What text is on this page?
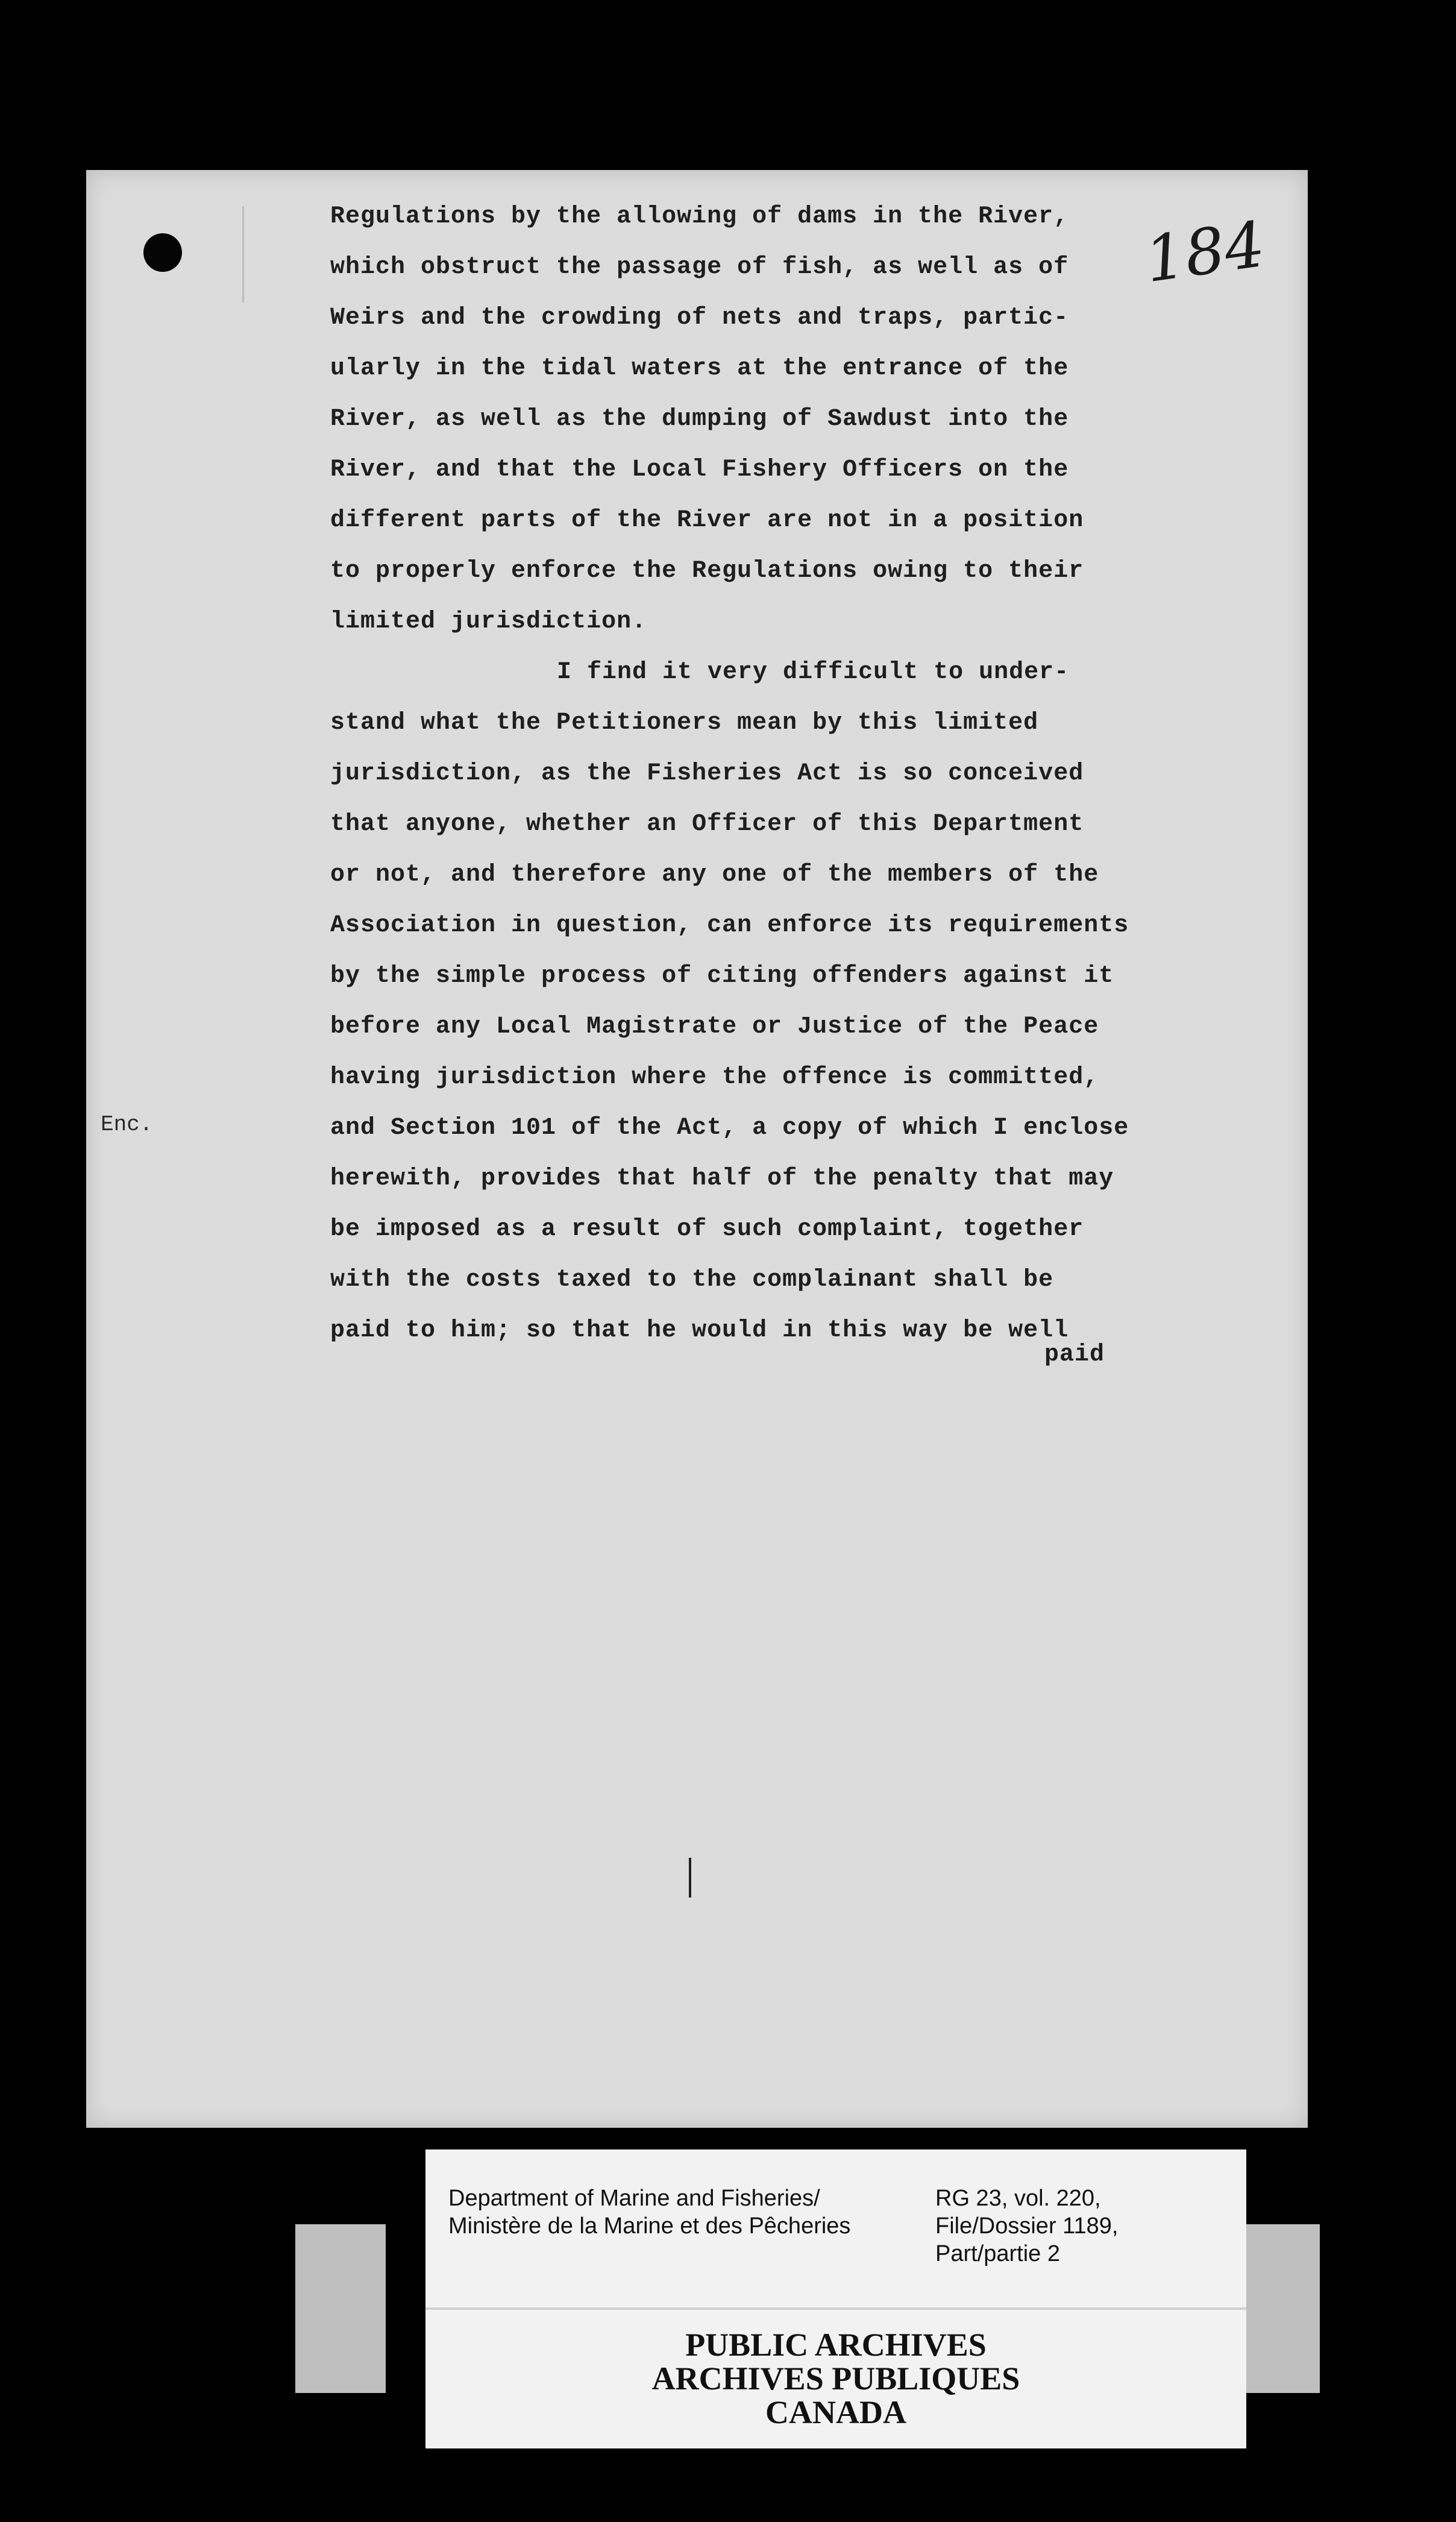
184
Regulations by the allowing of dams in the River,
which obstruct the passage of fish, as well as of
Weirs and the crowding of nets and traps, partic-
ularly in the tidal waters at the entrance of the
River, as well as the dumping of Sawdust into the
River, and that the Local Fishery Officers on the
different parts of the River are not in a position
to properly enforce the Regulations owing to their
limited jurisdiction.
I find it very difficult to under-
stand what the Petitioners mean by this limited
jurisdiction, as the Fisheries Act is so conceived
that anyone, whether an Officer of this Department
or not, and therefore any one of the members of the
Association in question, can enforce its requirements
by the simple process of citing offenders against it
before any Local Magistrate or Justice of the Peace
having jurisdiction where the offence is committed,
and Section 101 of the Act, a copy of which I enclose
herewith, provides that half of the penalty that may
be imposed as a result of such complaint, together
with the costs taxed to the complainant shall be
paid to him; so that he would in this way be well
paid
Enc.
Department of Marine and Fisheries/
Ministère de la Marine et des Pêcheries
RG 23, vol. 220,
File/Dossier 1189,
Part/partie 2
PUBLIC ARCHIVES
ARCHIVES PUBLIQUES
CANADA
